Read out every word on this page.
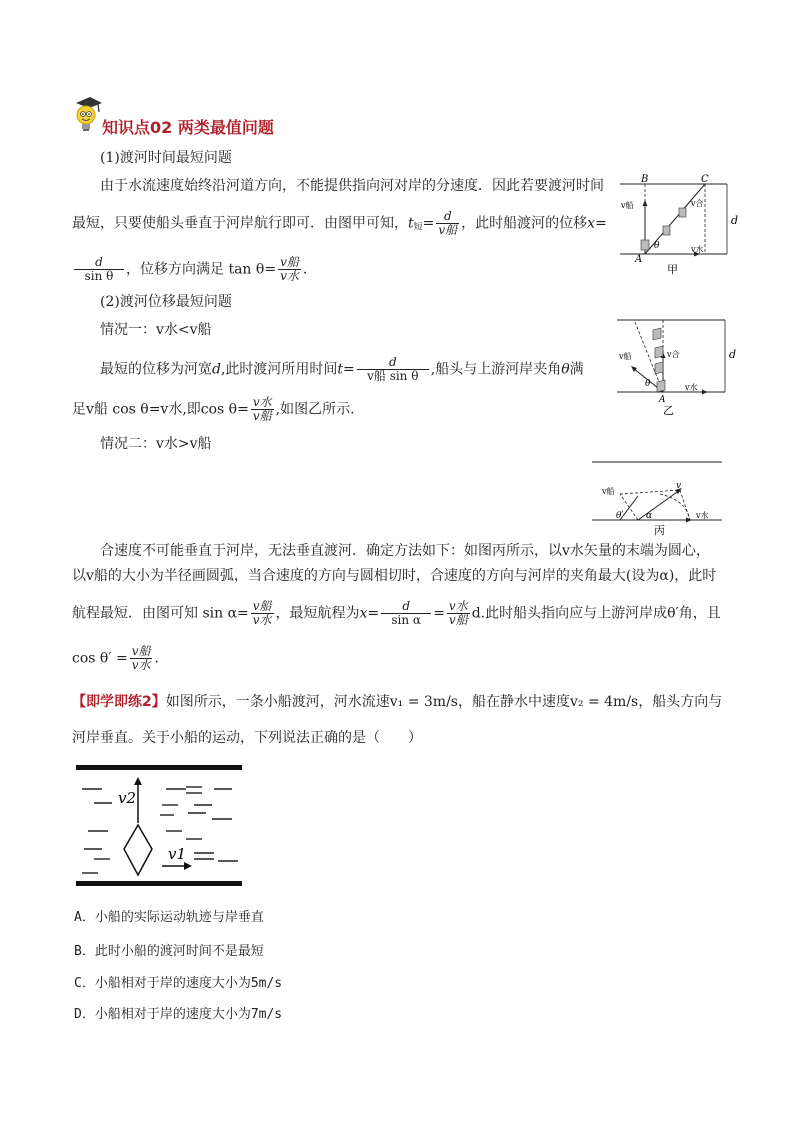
知识点02 两类最值问题
(1)渡河时间最短问题
由于水流速度始终沿河道方向，不能提供指向河对岸的分速度．因此若要渡河时间
最短，只要使船头垂直于河岸航行即可．由图甲可知，$t_短= \frac{d}{\text{v船}}$ ，此时船渡河的位移x=
$\frac{d}{\text{sin θ}}$ ，位移方向满足 $\tan \theta= \frac{\text{v船}}{\text{v水}}$ .
B	C
A
v船	v合
v水
d
θ
甲
(2)渡河位移最短问题
情况一：v水<v船
最短的位移为河宽d,此时渡河所用时间$t= \frac{d}{\text{v船 sin θ}}$ ,船头与上游河岸夹角θ满
足v船 cos θ=v水,即$\cos \theta= \frac{\text{v水}}{\text{v船}}$ ,如图乙所示.
情况二：v水>v船
v船	v合
v水
d
θ
A
乙
v船
v
v水
θ′	α
丙
合速度不可能垂直于河岸，无法垂直渡河．确定方法如下：如图丙所示，以v水矢量的末端为圆心，
以v船的大小为半径画圆弧，当合速度的方向与圆相切时，合速度的方向与河岸的夹角最大(设为α)，此时
航程最短．由图可知 $\sin \alpha= \frac{\text{v船}}{\text{v水}}$ ，最短航程为$x= \frac{d}{\text{sin α}} = \frac{\text{v水}}{\text{v船}} d$.此时船头指向应与上游河岸成θ′角，且
$\cos \theta' = \frac{\text{v船}}{\text{v水}}$ .
【即学即练2】如图所示，一条小船渡河，河水流速v₁ = 3m/s，船在静水中速度v₂ = 4m/s，船头方向与
河岸垂直。关于小船的运动，下列说法正确的是（　　）
v2
v1
A．小船的实际运动轨迹与岸垂直
B．此时小船的渡河时间不是最短
C．小船相对于岸的速度大小为5m/s
D．小船相对于岸的速度大小为7m/s
